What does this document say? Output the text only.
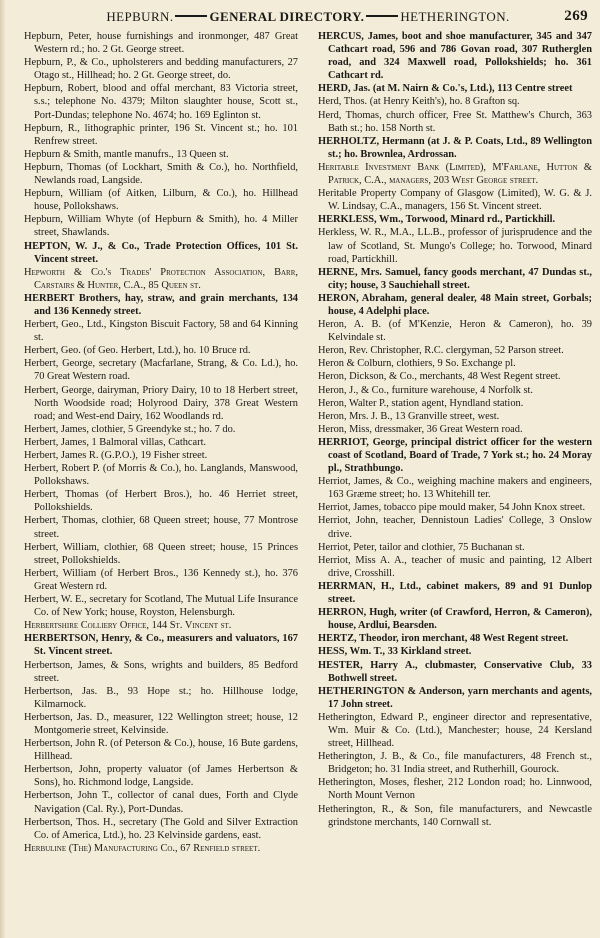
HEPBURN.	GENERAL DIRECTORY.	HETHERINGTON.	269

Hepburn, Peter, house furnishings and ironmonger, 487 Great Western rd.; ho. 2 Gt. George street.

Hepburn, P., & Co., upholsterers and bedding manufacturers, 27 Otago st., Hillhead; ho. 2 Gt. George street, do.

Hepburn, Robert, blood and offal merchant, 83 Victoria street, s.s.; telephone No. 4379; Milton slaughter house, Scott st., Port-Dundas; telephone No. 4674; ho. 169 Eglinton st.

Hepburn, R., lithographic printer, 196 St. Vincent st.; ho. 101 Renfrew street.

Hepburn & Smith, mantle manufrs., 13 Queen st.

Hepburn, Thomas (of Lockhart, Smith & Co.), ho. Northfield, Newlands road, Langside.

Hepburn, William (of Aitken, Lilburn, & Co.), ho. Hillhead house, Pollokshaws.

Hepburn, William Whyte (of Hepburn & Smith), ho. 4 Miller street, Shawlands.

HEPTON, W. J., & Co., Trade Protection Offices, 101 St. Vincent street.

Hepworth & Co.'s Trades' Protection Association, Barr, Carstairs & Hunter, C.A., 85 Queen st.

HERBERT Brothers, hay, straw, and grain merchants, 134 and 136 Kennedy street.

Herbert, Geo., Ltd., Kingston Biscuit Factory, 58 and 64 Kinning st.

Herbert, Geo. (of Geo. Herbert, Ltd.), ho. 10 Bruce rd.

Herbert, George, secretary (Macfarlane, Strang, & Co. Ld.), ho. 70 Great Western road.

Herbert, George, dairyman, Priory Dairy, 10 to 18 Herbert street, North Woodside road; Holyrood Dairy, 378 Great Western road; and West-end Dairy, 162 Woodlands rd.

Herbert, James, clothier, 5 Greendyke st.; ho. 7 do.

Herbert, James, 1 Balmoral villas, Cathcart.

Herbert, James R. (G.P.O.), 19 Fisher street.

Herbert, Robert P. (of Morris & Co.), ho. Langlands, Manswood, Pollokshaws.

Herbert, Thomas (of Herbert Bros.), ho. 46 Herriet street, Pollokshields.

Herbert, Thomas, clothier, 68 Queen street; house, 77 Montrose street.

Herbert, William, clothier, 68 Queen street; house, 15 Princes street, Pollokshields.

Herbert, William (of Herbert Bros., 136 Kennedy st.), ho. 376 Great Western rd.

Herbert, W. E., secretary for Scotland, The Mutual Life Insurance Co. of New York; house, Royston, Helensburgh.

Herbertshire Colliery Office, 144 St. Vincent st.

HERBERTSON, Henry, & Co., measurers and valuators, 167 St. Vincent street.

Herbertson, James, & Sons, wrights and builders, 85 Bedford street.

Herbertson, Jas. B., 93 Hope st.; ho. Hillhouse lodge, Kilmarnock.

Herbertson, Jas. D., measurer, 122 Wellington street; house, 12 Montgomerie street, Kelvinside.

Herbertson, John R. (of Peterson & Co.), house, 16 Bute gardens, Hillhead.

Herbertson, John, property valuator (of James Herbertson & Sons), ho. Richmond lodge, Langside.

Herbertson, John T., collector of canal dues, Forth and Clyde Navigation (Cal. Ry.), Port-Dundas.

Herbertson, Thos. H., secretary (The Gold and Silver Extraction Co. of America, Ltd.), ho. 23 Kelvinside gardens, east.

Herbuline (The) Manufacturing Co., 67 Renfield street.

HERCUS, James, boot and shoe manufacturer, 345 and 347 Cathcart road, 596 and 786 Govan road, 307 Rutherglen road, and 324 Maxwell road, Pollokshields; ho. 361 Cathcart rd.

HERD, Jas. (at M. Nairn & Co.'s, Ltd.), 113 Centre street

Herd, Thos. (at Henry Keith's), ho. 8 Grafton sq.

Herd, Thomas, church officer, Free St. Matthew's Church, 363 Bath st.; ho. 158 North st.

HERHOLTZ, Hermann (at J. & P. Coats, Ltd., 89 Wellington st.; ho. Brownlea, Ardrossan.

Heritable Investment Bank (Limited), M'Farlane, Hutton & Patrick, C.A., managers, 203 West George street.

Heritable Property Company of Glasgow (Limited), W. G. & J. W. Lindsay, C.A., managers, 156 St. Vincent street.

HERKLESS, Wm., Torwood, Minard rd., Partickhill.

Herkless, W. R., M.A., LL.B., professor of jurisprudence and the law of Scotland, St. Mungo's College; ho. Torwood, Minard road, Partickhill.

HERNE, Mrs. Samuel, fancy goods merchant, 47 Dundas st., city; house, 3 Sauchiehall street.

HERON, Abraham, general dealer, 48 Main street, Gorbals; house, 4 Adelphi place.

Heron, A. B. (of M'Kenzie, Heron & Cameron), ho. 39 Kelvindale st.

Heron, Rev. Christopher, R.C. clergyman, 52 Parson street.

Heron & Colburn, clothiers, 9 So. Exchange pl.

Heron, Dickson, & Co., merchants, 48 West Regent street.

Heron, J., & Co., furniture warehouse, 4 Norfolk st.

Heron, Walter P., station agent, Hyndland station.

Heron, Mrs. J. B., 13 Granville street, west.

Heron, Miss, dressmaker, 36 Great Western road.

HERRIOT, George, principal district officer for the western coast of Scotland, Board of Trade, 7 York st.; ho. 24 Moray pl., Strathbungo.

Herriot, James, & Co., weighing machine makers and engineers, 163 Græme street; ho. 13 Whitehill ter.

Herriot, James, tobacco pipe mould maker, 54 John Knox street.

Herriot, John, teacher, Dennistoun Ladies' College, 3 Onslow drive.

Herriot, Peter, tailor and clothier, 75 Buchanan st.

Herriot, Miss A. A., teacher of music and painting, 12 Albert drive, Crosshill.

HERRMAN, H., Ltd., cabinet makers, 89 and 91 Dunlop street.

HERRON, Hugh, writer (of Crawford, Herron, & Cameron), house, Ardlui, Bearsden.

HERTZ, Theodor, iron merchant, 48 West Regent street.

HESS, Wm. T., 33 Kirkland street.

HESTER, Harry A., clubmaster, Conservative Club, 33 Bothwell street.

HETHERINGTON & Anderson, yarn merchants and agents, 17 John street.

Hetherington, Edward P., engineer director and representative, Wm. Muir & Co. (Ltd.), Manchester; house, 24 Kersland street, Hillhead.

Hetherington, J. B., & Co., file manufacturers, 48 French st., Bridgeton; ho. 31 India street, and Rutherhill, Gourock.

Hetherington, Moses, flesher, 212 London road; ho. Linnwood, North Mount Vernon

Hetherington, R., & Son, file manufacturers, and Newcastle grindstone merchants, 140 Cornwall st.
